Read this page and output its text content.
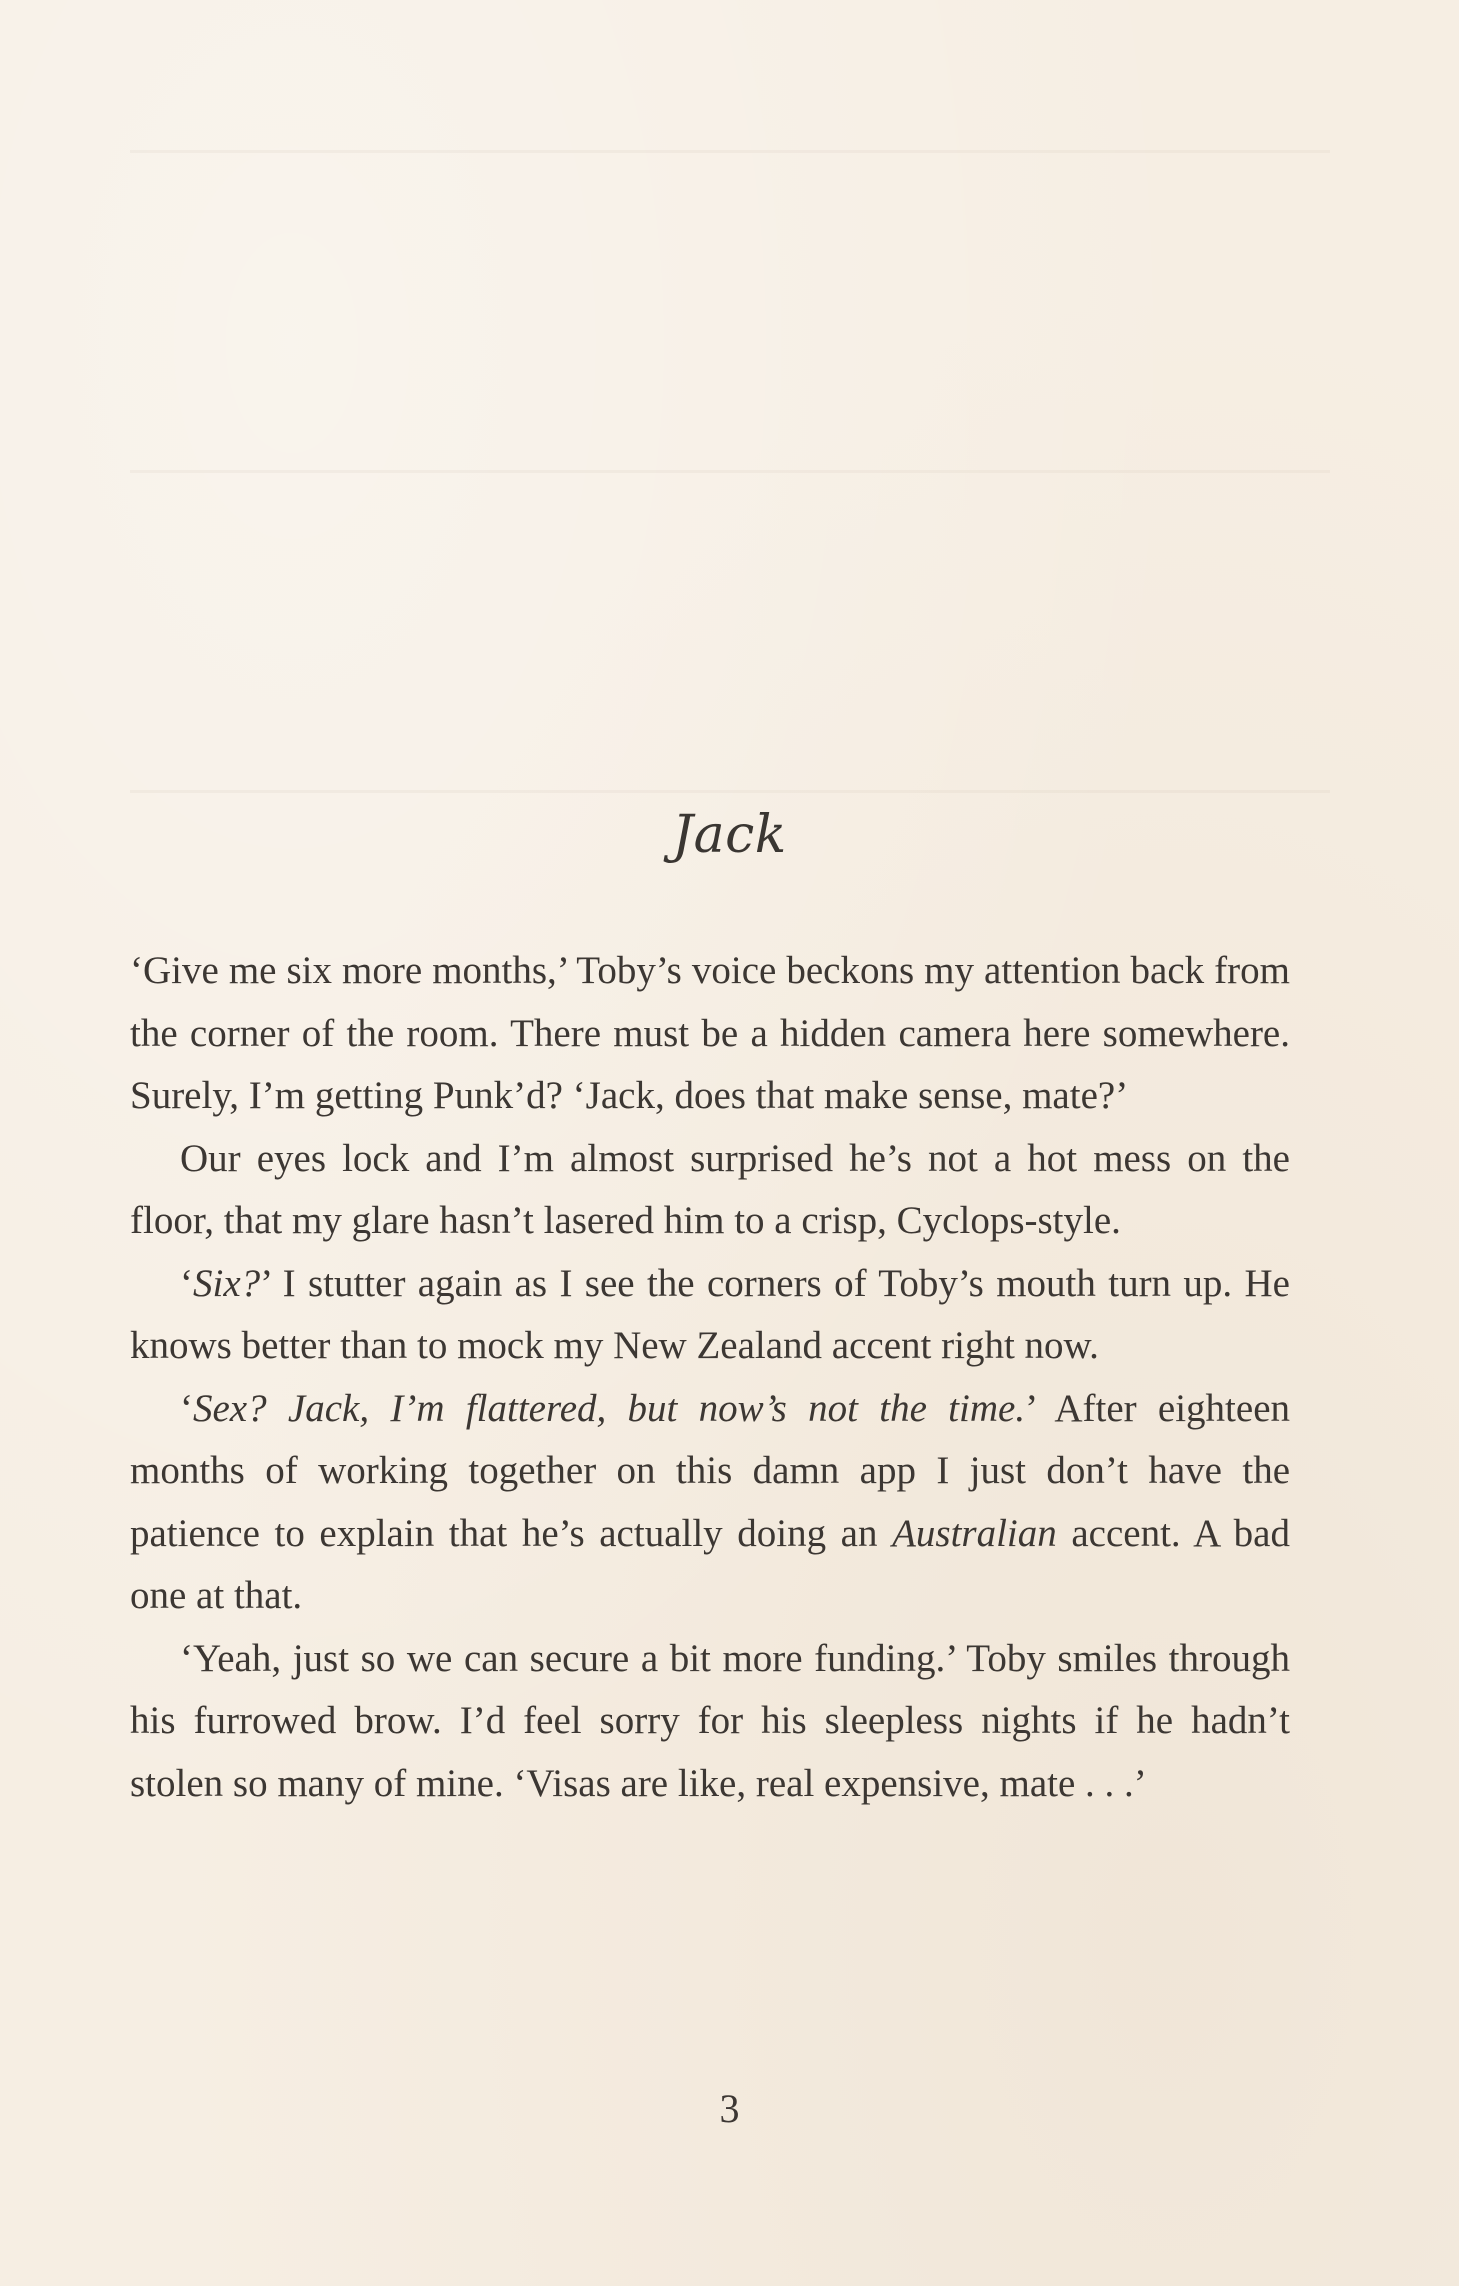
Jack

‘Give me six more months,’ Toby’s voice beckons my attention back from the corner of the room. There must be a hidden camera here somewhere. Surely, I’m getting Punk’d? ‘Jack, does that make sense, mate?’

Our eyes lock and I’m almost surprised he’s not a hot mess on the floor, that my glare hasn’t lasered him to a crisp, Cyclops-style.

‘Six?’ I stutter again as I see the corners of Toby’s mouth turn up. He knows better than to mock my New Zealand accent right now.

‘Sex? Jack, I’m flattered, but now’s not the time.’ After eighteen months of working together on this damn app I just don’t have the patience to explain that he’s actually doing an Australian accent. A bad one at that.

‘Yeah, just so we can secure a bit more funding.’ Toby smiles through his furrowed brow. I’d feel sorry for his sleepless nights if he hadn’t stolen so many of mine. ‘Visas are like, real expensive, mate . . .’

3
